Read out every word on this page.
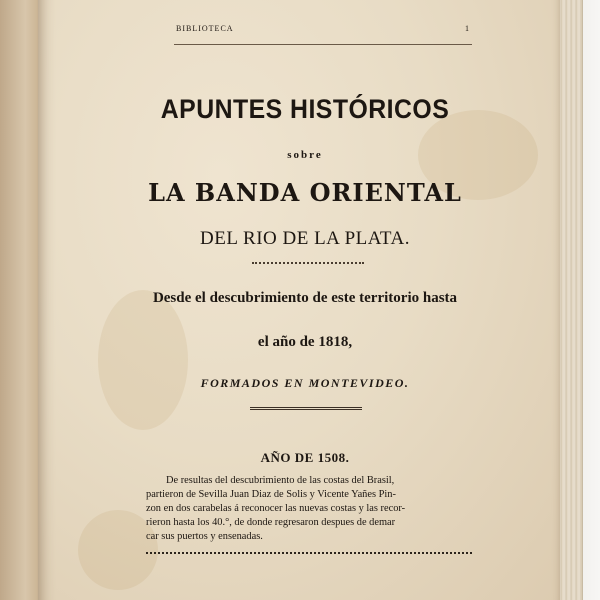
BIBLIOTECA	1
APUNTES HISTÓRICOS
sobre
LA BANDA ORIENTAL
DEL RIO DE LA PLATA.
Desde el descubrimiento de este territorio hasta
el año de 1818,
FORMADOS EN MONTEVIDEO.
AÑO DE 1508.
De resultas del descubrimiento de las costas del Brasil,
partieron de Sevilla Juan Diaz de Solis y Vicente Yañes Pin-
zon en dos carabelas á reconocer las nuevas costas y las recor-
rieron hasta los 40.°, de donde regresaron despues de demar
car sus puertos y ensenadas.
